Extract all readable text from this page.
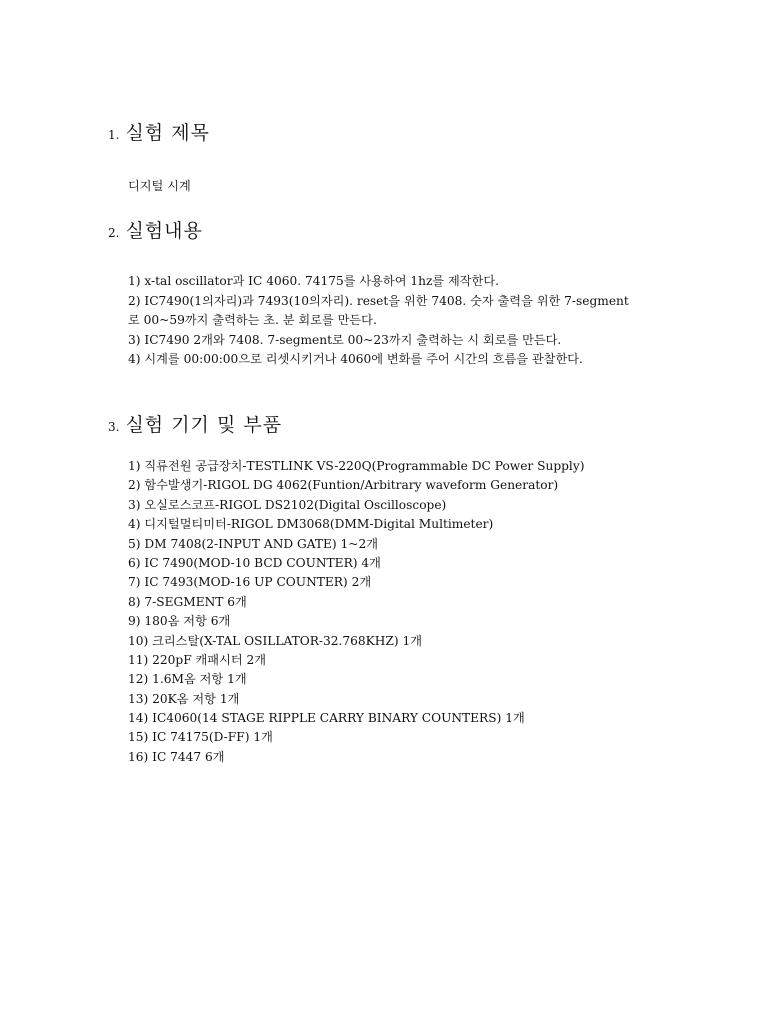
1. 실험 제목

디지털 시계

2. 실험내용
1) x-tal oscillator과 IC 4060. 74175를 사용하여 1hz를 제작한다.
2) IC7490(1의자리)과 7493(10의자리). reset을 위한 7408. 숫자 출력을 위한 7-segment
로 00~59까지 출력하는 초. 분 회로를 만든다.
3) IC7490 2개와 7408. 7-segment로 00~23까지 출력하는 시 회로를 만든다.
4) 시계를 00:00:00으로 리셋시키거나 4060에 변화를 주어 시간의 흐름을 관찰한다.
3. 실험 기기 및 부품
1) 직류전원 공급장치-TESTLINK VS-220Q(Programmable DC Power Supply)
2) 함수발생기-RIGOL DG 4062(Funtion/Arbitrary waveform Generator)
3) 오실로스코프-RIGOL DS2102(Digital Oscilloscope)
4) 디지털멀티미터-RIGOL DM3068(DMM-Digital Multimeter)
5) DM 7408(2-INPUT AND GATE) 1~2개
6) IC 7490(MOD-10 BCD COUNTER) 4개
7) IC 7493(MOD-16 UP COUNTER) 2개
8) 7-SEGMENT 6개
9) 180옴 저항 6개
10) 크리스탈(X-TAL OSILLATOR-32.768KHZ) 1개
11) 220pF 캐패시터 2개
12) 1.6M옴 저항 1개
13) 20K옴 저항 1개
14) IC4060(14 STAGE RIPPLE CARRY BINARY COUNTERS) 1개
15) IC 74175(D-FF) 1개
16) IC 7447 6개
